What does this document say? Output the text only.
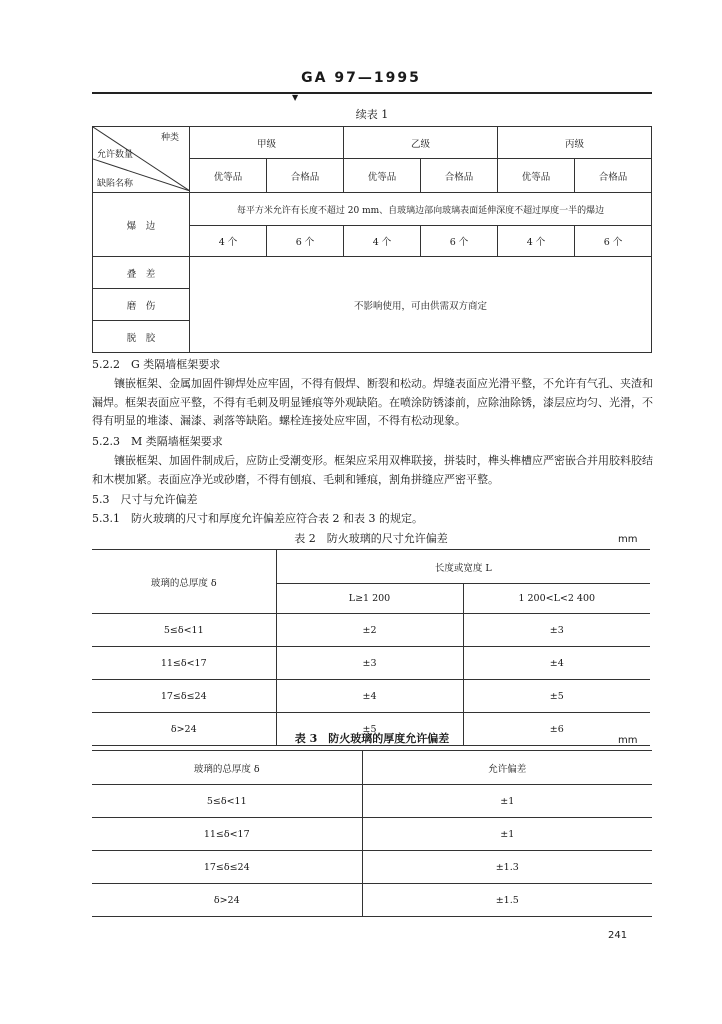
GA 97—1995
▼
续表 1
种类
允许数量
缺陷名称	甲级		乙级		丙级	
	优等品	合格品	优等品	合格品	优等品	合格品
爆　边	每平方米允许有长度不超过 20 mm、自玻璃边部向玻璃表面延伸深度不超过厚度一半的爆边					
	4 个	6 个	4 个	6 个	4 个	6 个
叠　差	不影响使用，可由供需双方商定					
磨　伤						
脱　胶						
5.2.2　G 类隔墙框架要求

镶嵌框架、金属加固件铆焊处应牢固，不得有假焊、断裂和松动。焊缝表面应光滑平整，不允许有气孔、夹渣和漏焊。框架表面应平整，不得有毛刺及明显锤痕等外观缺陷。在喷涂防锈漆前，应除油除锈，漆层应均匀、光滑，不得有明显的堆漆、漏漆、剥落等缺陷。螺栓连接处应牢固，不得有松动现象。

5.2.3　M 类隔墙框架要求

镶嵌框架、加固件制成后，应防止受潮变形。框架应采用双榫联接，拼装时，榫头榫槽应严密嵌合并用胶料胶结和木楔加紧。表面应净光或砂磨，不得有刨痕、毛刺和锤痕，割角拼缝应严密平整。

5.3　尺寸与允许偏差
5.3.1　防火玻璃的尺寸和厚度允许偏差应符合表 2 和表 3 的规定。
表 2　防火玻璃的尺寸允许偏差	mm
玻璃的总厚度 δ	长度或宽度 L	
	L≥1 200	1 200<L<2 400
5≤δ<11	±2	±3
11≤δ<17	±3	±4
17≤δ≤24	±4	±5
δ>24	±5	±6
表 3　防火玻璃的厚度允许偏差	mm
玻璃的总厚度 δ	允许偏差
5≤δ<11	±1
11≤δ<17	±1
17≤δ≤24	±1.3
δ>24	±1.5
241
